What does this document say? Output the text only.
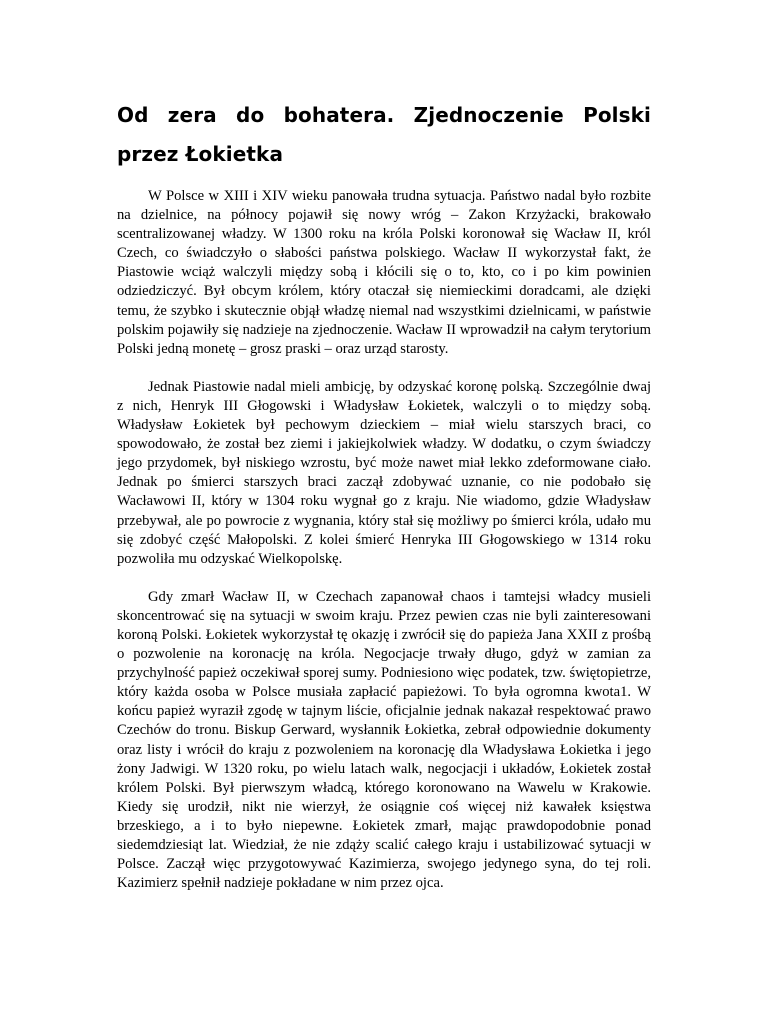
Od zera do bohatera. Zjednoczenie Polski przez Łokietka

W Polsce w XIII i XIV wieku panowała trudna sytuacja. Państwo nadal było rozbite na dzielnice, na północy pojawił się nowy wróg – Zakon Krzyżacki, brakowało scentralizowanej władzy. W 1300 roku na króla Polski koronował się Wacław II, król Czech, co świadczyło o słabości państwa polskiego. Wacław II wykorzystał fakt, że Piastowie wciąż walczyli między sobą i kłócili się o to, kto, co i po kim powinien odziedziczyć. Był obcym królem, który otaczał się niemieckimi doradcami, ale dzięki temu, że szybko i skutecznie objął władzę niemal nad wszystkimi dzielnicami, w państwie polskim pojawiły się nadzieje na zjednoczenie. Wacław II wprowadził na całym terytorium Polski jedną monetę – grosz praski – oraz urząd starosty.

Jednak Piastowie nadal mieli ambicję, by odzyskać koronę polską. Szczególnie dwaj z nich, Henryk III Głogowski i Władysław Łokietek, walczyli o to między sobą. Władysław Łokietek był pechowym dzieckiem – miał wielu starszych braci, co spowodowało, że został bez ziemi i jakiejkolwiek władzy. W dodatku, o czym świadczy jego przydomek, był niskiego wzrostu, być może nawet miał lekko zdeformowane ciało. Jednak po śmierci starszych braci zaczął zdobywać uznanie, co nie podobało się Wacławowi II, który w 1304 roku wygnał go z kraju. Nie wiadomo, gdzie Władysław przebywał, ale po powrocie z wygnania, który stał się możliwy po śmierci króla, udało mu się zdobyć część Małopolski. Z kolei śmierć Henryka III Głogowskiego w 1314 roku pozwoliła mu odzyskać Wielkopolskę.

Gdy zmarł Wacław II, w Czechach zapanował chaos i tamtejsi władcy musieli skoncentrować się na sytuacji w swoim kraju. Przez pewien czas nie byli zainteresowani koroną Polski. Łokietek wykorzystał tę okazję i zwrócił się do papieża Jana XXII z prośbą o pozwolenie na koronację na króla. Negocjacje trwały długo, gdyż w zamian za przychylność papież oczekiwał sporej sumy. Podniesiono więc podatek, tzw. świętopietrze, który każda osoba w Polsce musiała zapłacić papieżowi. To była ogromna kwota1. W końcu papież wyraził zgodę w tajnym liście, oficjalnie jednak nakazał respektować prawo Czechów do tronu. Biskup Gerward, wysłannik Łokietka, zebrał odpowiednie dokumenty oraz listy i wrócił do kraju z pozwoleniem na koronację dla Władysława Łokietka i jego żony Jadwigi. W 1320 roku, po wielu latach walk, negocjacji i układów, Łokietek został królem Polski. Był pierwszym władcą, którego koronowano na Wawelu w Krakowie. Kiedy się urodził, nikt nie wierzył, że osiągnie coś więcej niż kawałek księstwa brzeskiego, a i to było niepewne. Łokietek zmarł, mając prawdopodobnie ponad siedemdziesiąt lat. Wiedział, że nie zdąży scalić całego kraju i ustabilizować sytuacji w Polsce. Zaczął więc przygotowywać Kazimierza, swojego jedynego syna, do tej roli. Kazimierz spełnił nadzieje pokładane w nim przez ojca.
